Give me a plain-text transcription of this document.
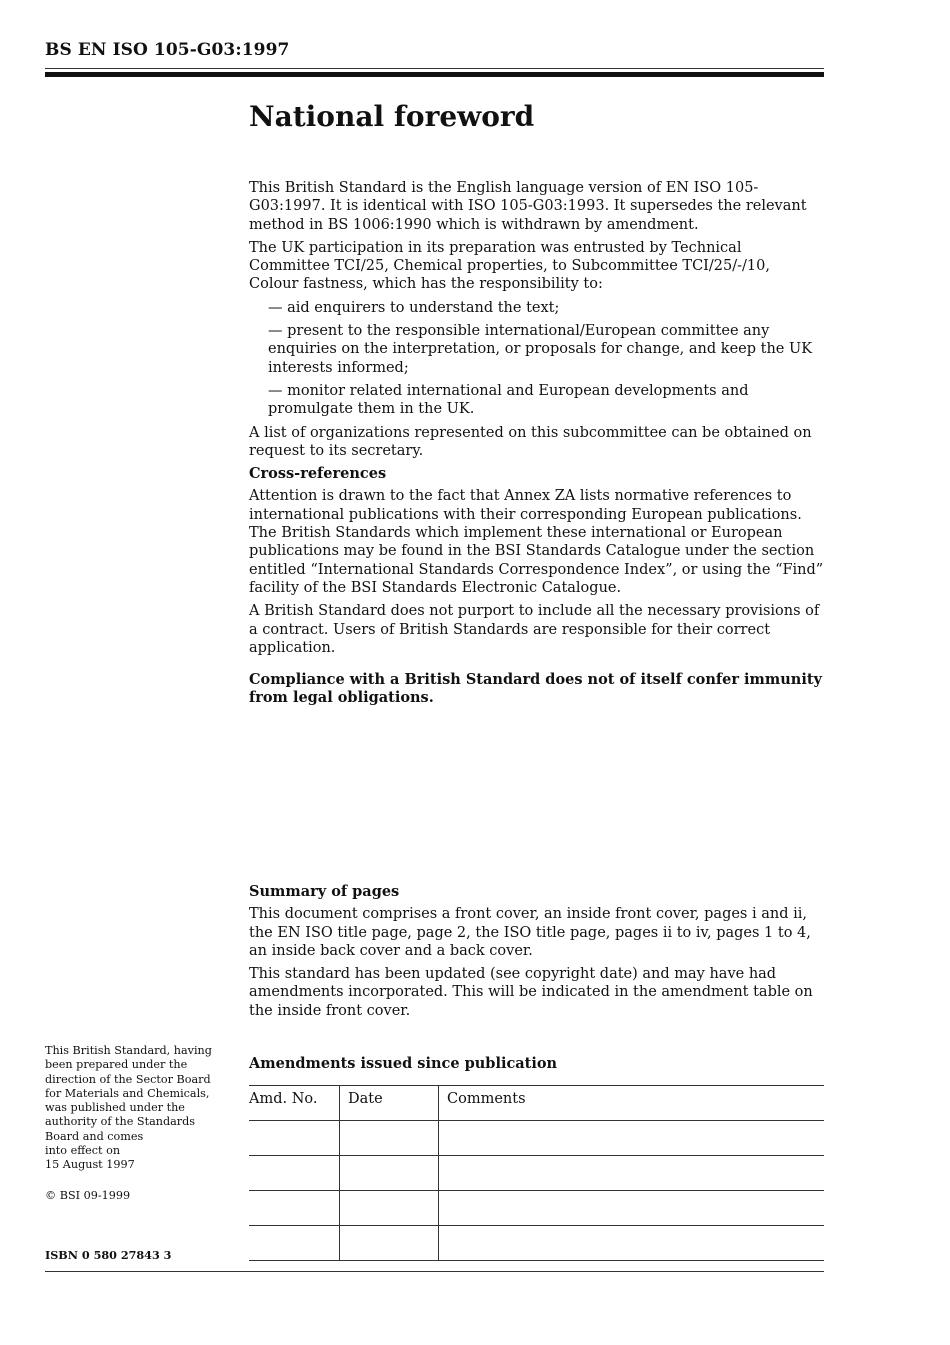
BS EN ISO 105-G03:1997
National foreword

This British Standard is the English language version of EN ISO 105-G03:1997. It is identical with ISO 105-G03:1993. It supersedes the relevant method in BS 1006:1990 which is withdrawn by amendment.

The UK participation in its preparation was entrusted by Technical Committee TCI/25, Chemical properties, to Subcommittee TCI/25/-/10, Colour fastness, which has the responsibility to:

— aid enquirers to understand the text;

— present to the responsible international/European committee any enquiries on the interpretation, or proposals for change, and keep the UK interests informed;

— monitor related international and European developments and promulgate them in the UK.

A list of organizations represented on this subcommittee can be obtained on request to its secretary.

Cross-references

Attention is drawn to the fact that Annex ZA lists normative references to international publications with their corresponding European publications. The British Standards which implement these international or European publications may be found in the BSI Standards Catalogue under the section entitled “International Standards Correspondence Index”, or using the “Find” facility of the BSI Standards Electronic Catalogue.

A British Standard does not purport to include all the necessary provisions of a contract. Users of British Standards are responsible for their correct application.

Compliance with a British Standard does not of itself confer immunity from legal obligations.

Summary of pages

This document comprises a front cover, an inside front cover, pages i and ii, the EN ISO title page, page 2, the ISO title page, pages ii to iv, pages 1 to 4, an inside back cover and a back cover.

This standard has been updated (see copyright date) and may have had amendments incorporated. This will be indicated in the amendment table on the inside front cover.

This British Standard, having

been prepared under the

direction of the Sector Board

for Materials and Chemicals,

was published under the

authority of the Standards

Board and comes

into effect on

15 August 1997

© BSI 09-1999
ISBN 0 580 27843 3
Amendments issued since publication
Amd. No.	Date	Comments
